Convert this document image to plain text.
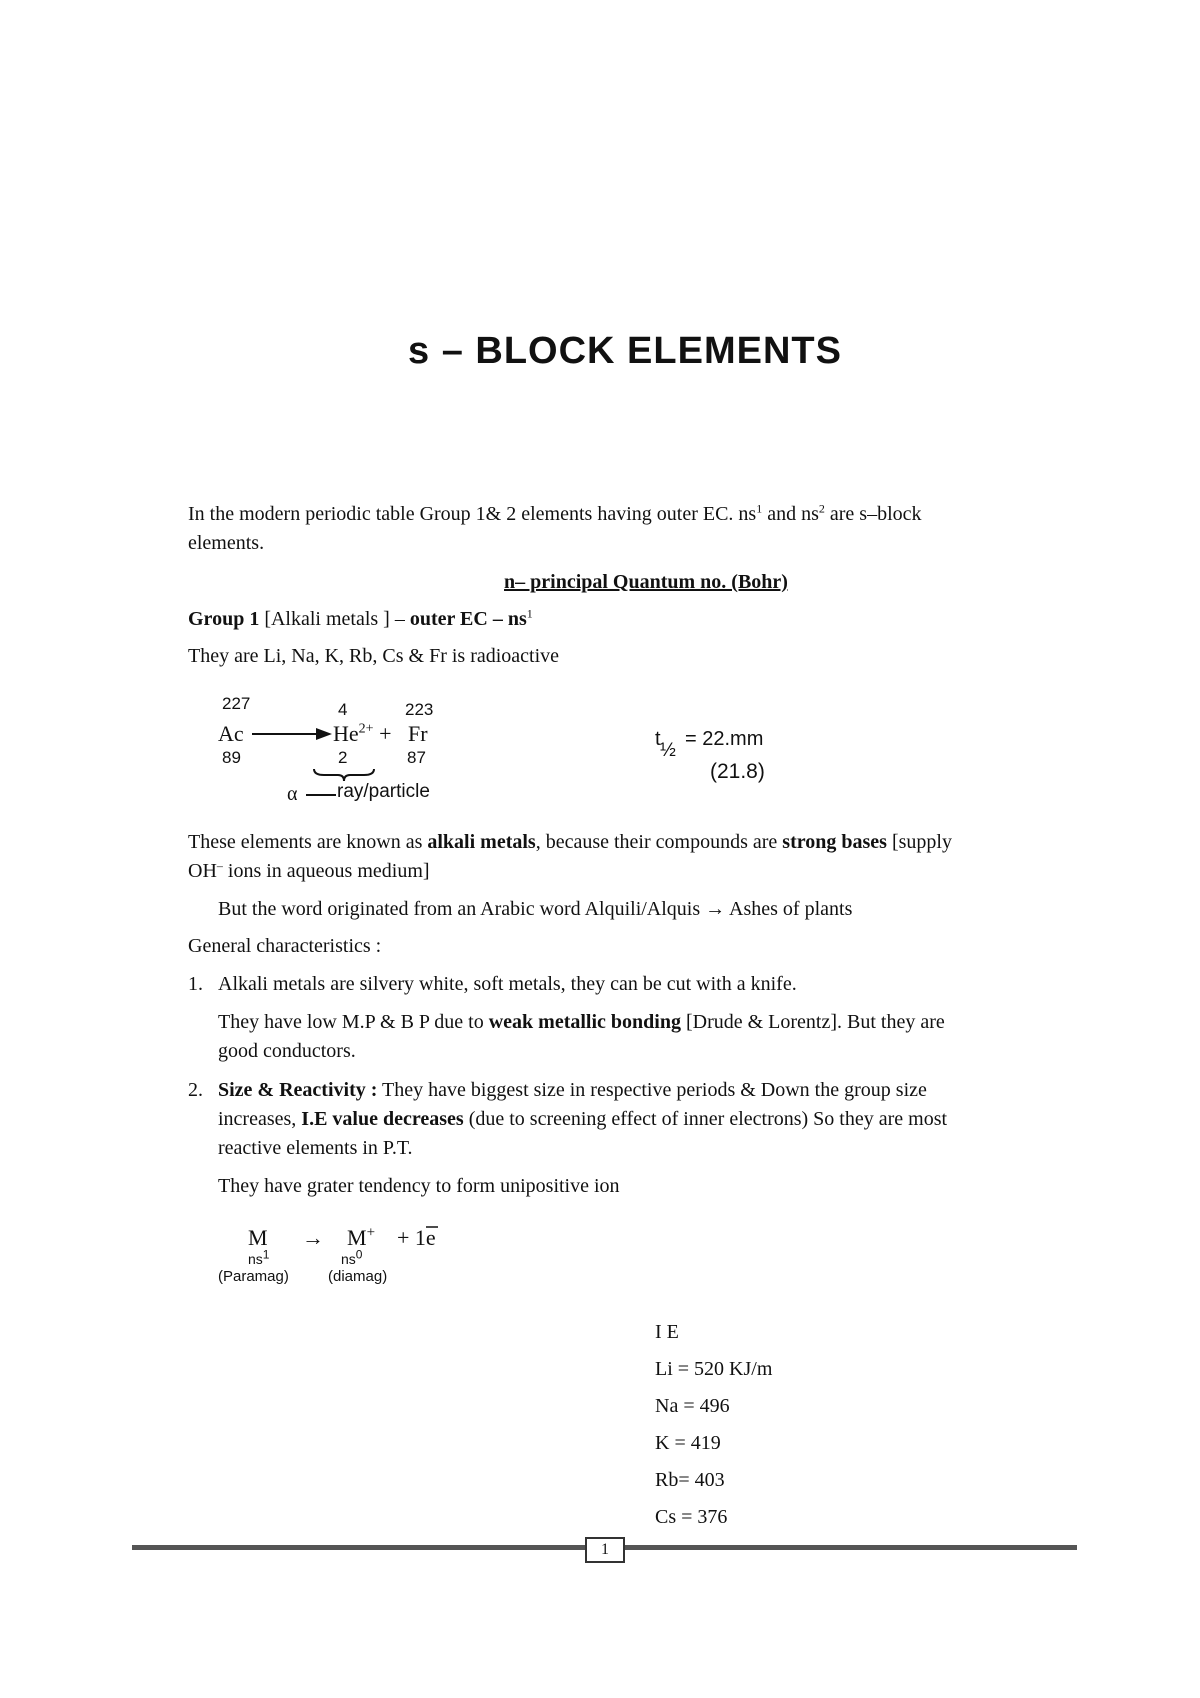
s – BLOCK ELEMENTS
In the modern periodic table Group 1& 2 elements having outer EC. $ns^1$ and $ns^2$ are s–block
elements.
n– principal Quantum no. (Bohr)
Group 1 [Alkali metals ] – outer EC – $ns^1$
They are Li, Na, K, Rb, Cs & Fr is radioactive
227
Ac
89
4
$He^{2+}$ +
2
223
Fr
87
α ray/particle
t
½
= 22.mm
(21.8)
These elements are known as alkali metals, because their compounds are strong bases [supply
OH– ions in aqueous medium]
But the word originated from an Arabic word Alquili/Alquis → Ashes of plants
General characteristics :
1. Alkali metals are silvery white, soft metals, they can be cut with a knife.
They have low M.P & B P due to weak metallic bonding [Drude & Lorentz]. But they are
good conductors.
2. Size & Reactivity : They have biggest size in respective periods & Down the group size
increases, I.E value decreases (due to screening effect of inner electrons) So they are most
reactive elements in P.T.
They have grater tendency to form unipositive ion
M → M+ + 1e
$ns^1$	$ns^0$
(Paramag)	(diamag)
I E
Li = 520 KJ/m
Na = 496
K = 419
Rb= 403
Cs = 376
1
